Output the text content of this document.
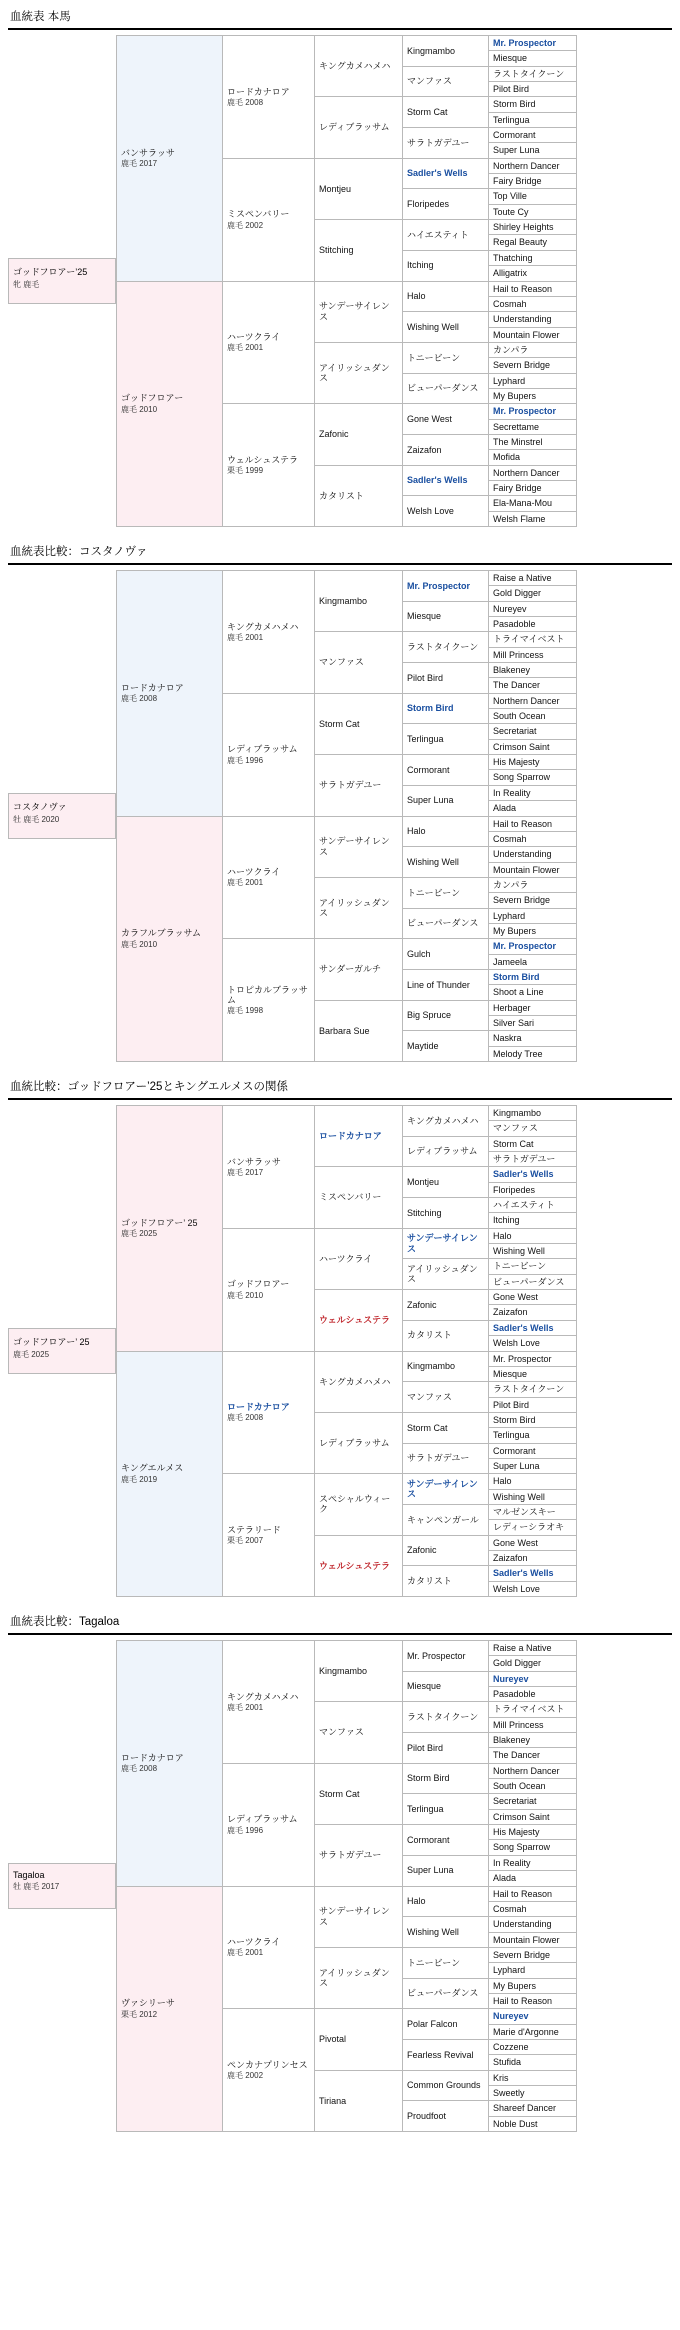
血統表 本馬
ゴッドフロアー’25
牝 鹿毛
バンサラッサ
鹿毛 2017	ロードカナロア
鹿毛 2008	キングカメハメハ	Kingmambo	Mr. Prospector

				Miesque

			マンファス	ラストタイクーン

				Pilot Bird

		レディブラッサム	Storm Cat	Storm Bird

				Terlingua

			サラトガデユー	Cormorant

				Super Luna

	ミスペンバリー
鹿毛 2002	Montjeu	Sadler's Wells	Northern Dancer

				Fairy Bridge

			Floripedes	Top Ville

				Toute Cy

		Stitching	ハイエスティト	Shirley Heights

				Regal Beauty

			Itching	Thatching

				Alligatrix

ゴッドフロアー
鹿毛 2010	ハーツクライ
鹿毛 2001	サンデーサイレンス	Halo	Hail to Reason

				Cosmah

			Wishing Well	Understanding

				Mountain Flower

		アイリッシュダンス	トニービーン	カンパラ

				Severn Bridge

			ビューパーダンス	Lyphard

				My Bupers

	ウェルシュステラ
栗毛 1999	Zafonic	Gone West	Mr. Prospector

				Secrettame

			Zaizafon	The Minstrel

				Mofida

		カタリスト	Sadler's Wells	Northern Dancer

				Fairy Bridge

			Welsh Love	Ela-Mana-Mou

				Welsh Flame
血統表比較：コスタノヴァ
コスタノヴァ
牡 鹿毛 2020
ロードカナロア
鹿毛 2008	キングカメハメハ
鹿毛 2001	Kingmambo	Mr. Prospector	Raise a Native

				Gold Digger

			Miesque	Nureyev

				Pasadoble

		マンファス	ラストタイクーン	トライマイベスト

				Mill Princess

			Pilot Bird	Blakeney

				The Dancer

	レディブラッサム
鹿毛 1996	Storm Cat	Storm Bird	Northern Dancer

				South Ocean

			Terlingua	Secretariat

				Crimson Saint

		サラトガデユー	Cormorant	His Majesty

				Song Sparrow

			Super Luna	In Reality

				Alada

カラフルブラッサム
鹿毛 2010	ハーツクライ
鹿毛 2001	サンデーサイレンス	Halo	Hail to Reason

				Cosmah

			Wishing Well	Understanding

				Mountain Flower

		アイリッシュダンス	トニービーン	カンパラ

				Severn Bridge

			ビューパーダンス	Lyphard

				My Bupers

	トロピカルブラッサム
鹿毛 1998	サンダーガルチ	Gulch	Mr. Prospector

				Jameela

			Line of Thunder	Storm Bird

				Shoot a Line

		Barbara Sue	Big Spruce	Herbager

				Silver Sari

			Maytide	Naskra

				Melody Tree
血統比較：ゴッドフロアー’25とキングエルメスの関係
ゴッドフロアー’ 25
鹿毛 2025
ゴッドフロアー’ 25
鹿毛 2025	バンサラッサ
鹿毛 2017	ロードカナロア	キングカメハメハ	Kingmambo

				マンファス

			レディブラッサム	Storm Cat

				サラトガデユー

		ミスペンバリー	Montjeu	Sadler's Wells

				Floripedes

			Stitching	ハイエスティト

				Itching

	ゴッドフロアー
鹿毛 2010	ハーツクライ	サンデーサイレンス	Halo

				Wishing Well

			アイリッシュダンス	トニービーン

				ビューパーダンス

		ウェルシュステラ	Zafonic	Gone West

				Zaizafon

			カタリスト	Sadler's Wells

				Welsh Love

キングエルメス
鹿毛 2019	ロードカナロア
鹿毛 2008	キングカメハメハ	Kingmambo	Mr. Prospector

				Miesque

			マンファス	ラストタイクーン

				Pilot Bird

		レディブラッサム	Storm Cat	Storm Bird

				Terlingua

			サラトガデユー	Cormorant

				Super Luna

	ステラリード
栗毛 2007	スペシャルウィーク	サンデーサイレンス	Halo

				Wishing Well

			キャンペンガール	マルゼンスキー

				レディーシラオキ

		ウェルシュステラ	Zafonic	Gone West

				Zaizafon

			カタリスト	Sadler's Wells

				Welsh Love
血統表比較：Tagaloa
Tagaloa
牡 鹿毛 2017
ロードカナロア
鹿毛 2008	キングカメハメハ
鹿毛 2001	Kingmambo	Mr. Prospector	Raise a Native

				Gold Digger

			Miesque	Nureyev

				Pasadoble

		マンファス	ラストタイクーン	トライマイベスト

				Mill Princess

			Pilot Bird	Blakeney

				The Dancer

	レディブラッサム
鹿毛 1996	Storm Cat	Storm Bird	Northern Dancer

				South Ocean

			Terlingua	Secretariat

				Crimson Saint

		サラトガデユー	Cormorant	His Majesty

				Song Sparrow

			Super Luna	In Reality

				Alada

ヴァシリーサ
栗毛 2012	ハーツクライ
鹿毛 2001	サンデーサイレンス	Halo	Hail to Reason

				Cosmah

			Wishing Well	Understanding

				Mountain Flower

		アイリッシュダンス	トニービーン	Severn Bridge

				Lyphard

			ビューパーダンス	My Bupers

				Hail to Reason

	ペンカナプリンセス
鹿毛 2002	Pivotal	Polar Falcon	Nureyev

				Marie d'Argonne

			Fearless Revival	Cozzene

				Stufida

		Tiriana	Common Grounds	Kris

				Sweetly

			Proudfoot	Shareef Dancer

				Noble Dust
